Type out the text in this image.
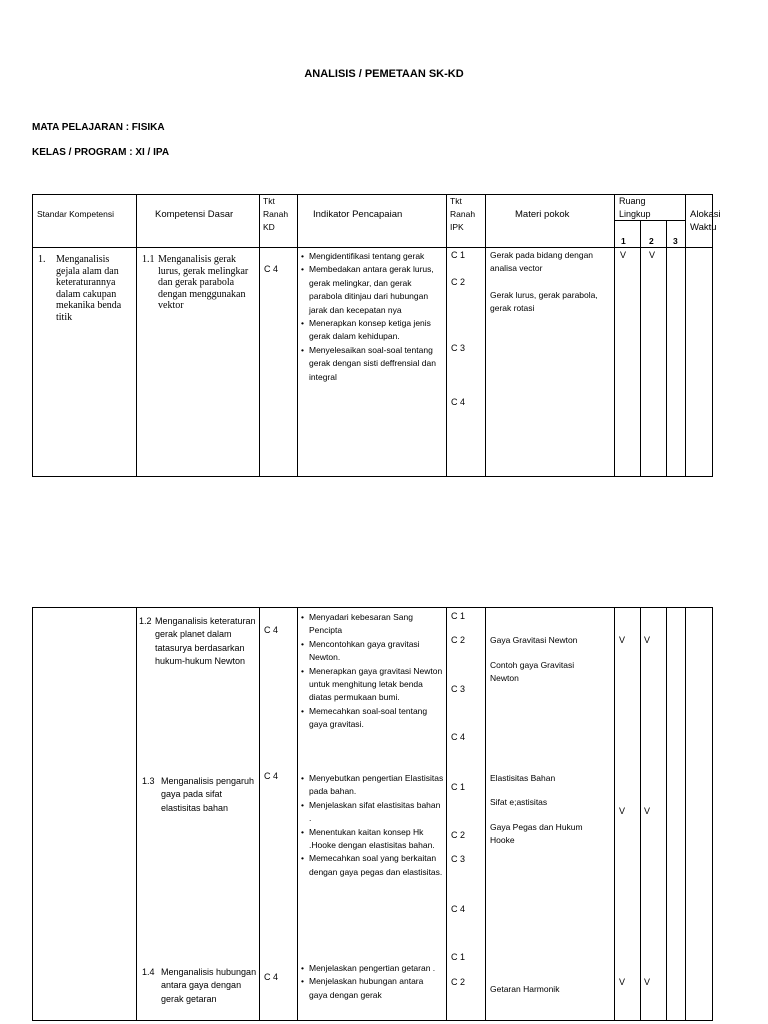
ANALISIS / PEMETAAN SK-KD
MATA PELAJARAN : FISIKA
KELAS / PROGRAM : XI / IPA
Standar Kompetensi	Kompetensi Dasar
Tkt
Ranah
KD
Indikator Pencapaian
Tkt
Ranah
IPK
Materi pokok
Ruang
Lingkup
1	2 3
Alokasi
Waktu
1. Menganalisis gejala alam dan keteraturannya dalam cakupan mekanika benda titik
1.1 Menganalisis gerak lurus, gerak melingkar dan gerak parabola dengan menggunakan vektor
C 4
• Mengidentifikasi tentang gerak
• Membedakan antara gerak lurus, gerak melingkar, dan gerak parabola ditinjau dari hubungan jarak dan kecepatan nya
• Menerapkan konsep ketiga jenis gerak dalam kehidupan.
• Menyelesaikan soal-soal tentang gerak dengan sisti deffrensial dan integral
C 1
C 2
C 3
C 4
Gerak pada bidang dengan analisa vector
Gerak lurus, gerak parabola, gerak rotasi
V	V
1.2 Menganalisis keteraturan gerak planet dalam tatasurya berdasarkan hukum-hukum Newton
C 4
• Menyadari kebesaran Sang Pencipta
• Mencontohkan gaya gravitasi Newton.
• Menerapkan gaya gravitasi Newton untuk menghitung letak benda diatas permukaan bumi.
• Memecahkan soal-soal tentang gaya gravitasi.
C 1
C 2
C 3
C 4
Gaya Gravitasi Newton
Contoh gaya Gravitasi Newton
V V
1.3 Menganalisis pengaruh gaya pada sifat elastisitas bahan
C 4
•	Menyebutkan pengertian Elastisitas pada bahan.
• Menjelaskan sifat elastisitas bahan .
• Menentukan kaitan konsep Hk .Hooke dengan elastisitas bahan.
• Memecahkan soal yang berkaitan dengan gaya pegas dan elastisitas.
C 1
C 2
C 3
C 4
Elastisitas Bahan
Sifat e;astisitas
Gaya Pegas dan Hukum Hooke
V V
1.4 Menganalisis hubungan antara gaya dengan gerak getaran
C 4
• Menjelaskan pengertian getaran .
• Menjelaskan hubungan antara gaya dengan gerak
C 1
C 2
Getaran Harmonik
V V
